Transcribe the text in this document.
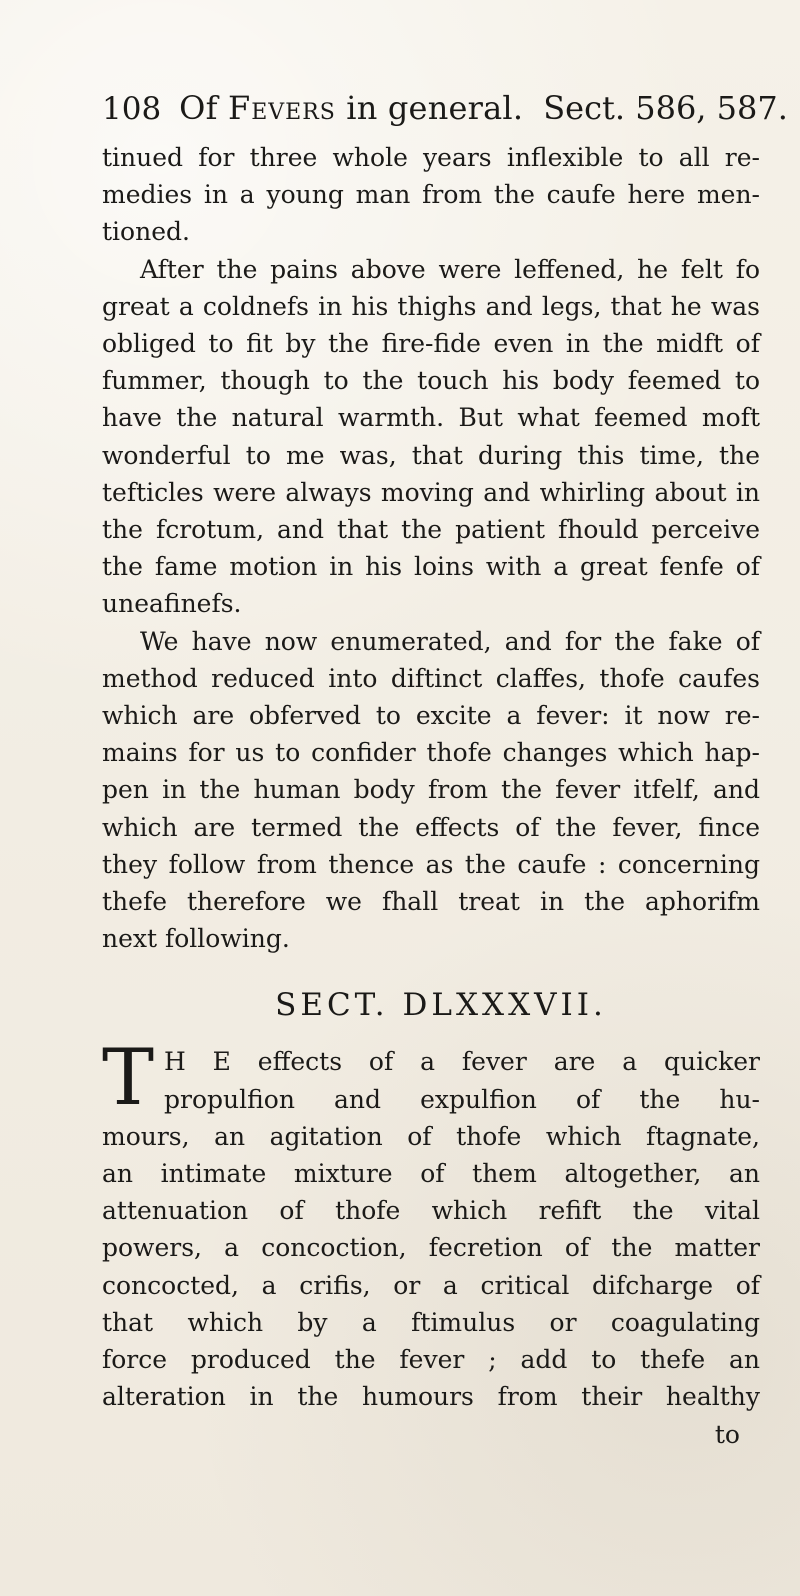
108 Of Fevers in general. Sect. 586, 587.
tinued for three whole years inflexible to all re-
medies in a young man from the caufe here men-
tioned.
After the pains above were leffened, he felt fo
great a coldnefs in his thighs and legs, that he was
obliged to fit by the fire-fide even in the midft of
fummer, though to the touch his body feemed to
have the natural warmth. But what feemed moft
wonderful to me was, that during this time, the
tefticles were always moving and whirling about in
the fcrotum, and that the patient fhould perceive
the fame motion in his loins with a great fenfe of
uneafinefs.
We have now enumerated, and for the fake of
method reduced into diftinct claffes, thofe caufes
which are obferved to excite a fever: it now re-
mains for us to confider thofe changes which hap-
pen in the human body from the fever itfelf, and
which are termed the effects of the fever, fince
they follow from thence as the caufe : concerning
thefe therefore we fhall treat in the aphorifm
next following.
SECT. DLXXXVII.
T H E effects of a fever are a quicker
propulfion and expulfion of the hu-
mours, an agitation of thofe which ftagnate,
an intimate mixture of them altogether, an
attenuation of thofe which refift the vital
powers, a concoction, fecretion of the matter
concocted, a crifis, or a critical difcharge of
that which by a ftimulus or coagulating
force produced the fever ; add to thefe an
alteration in the humours from their healthy
to
